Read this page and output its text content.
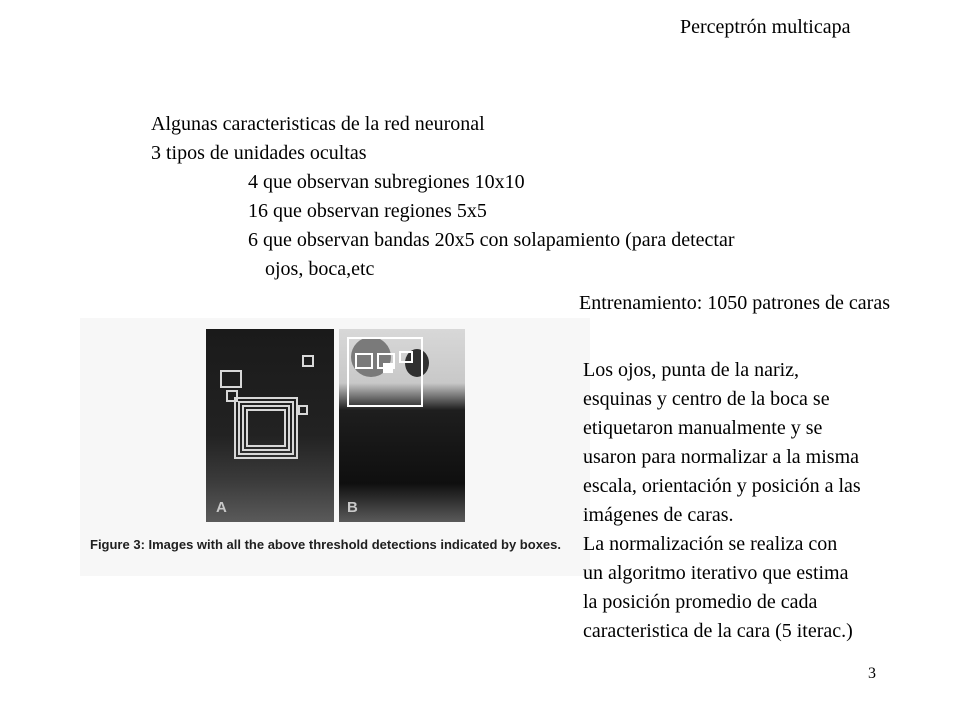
Perceptrón multicapa
Algunas caracteristicas de la red neuronal
3 tipos de unidades ocultas
4 que observan subregiones 10x10
16 que observan regiones 5x5
6 que observan bandas 20x5 con solapamiento (para detectar
ojos, boca,etc
Entrenamiento: 1050 patrones de caras
A	B
Figure 3: Images with all the above threshold detections indicated by boxes.
Los ojos, punta de la nariz,
esquinas y centro de la boca se
etiquetaron manualmente y se
usaron para normalizar a la misma
escala, orientación y posición a las
imágenes de caras.
La normalización se realiza con
un algoritmo iterativo que estima
la posición promedio de cada
caracteristica de la cara (5 iterac.)
3
